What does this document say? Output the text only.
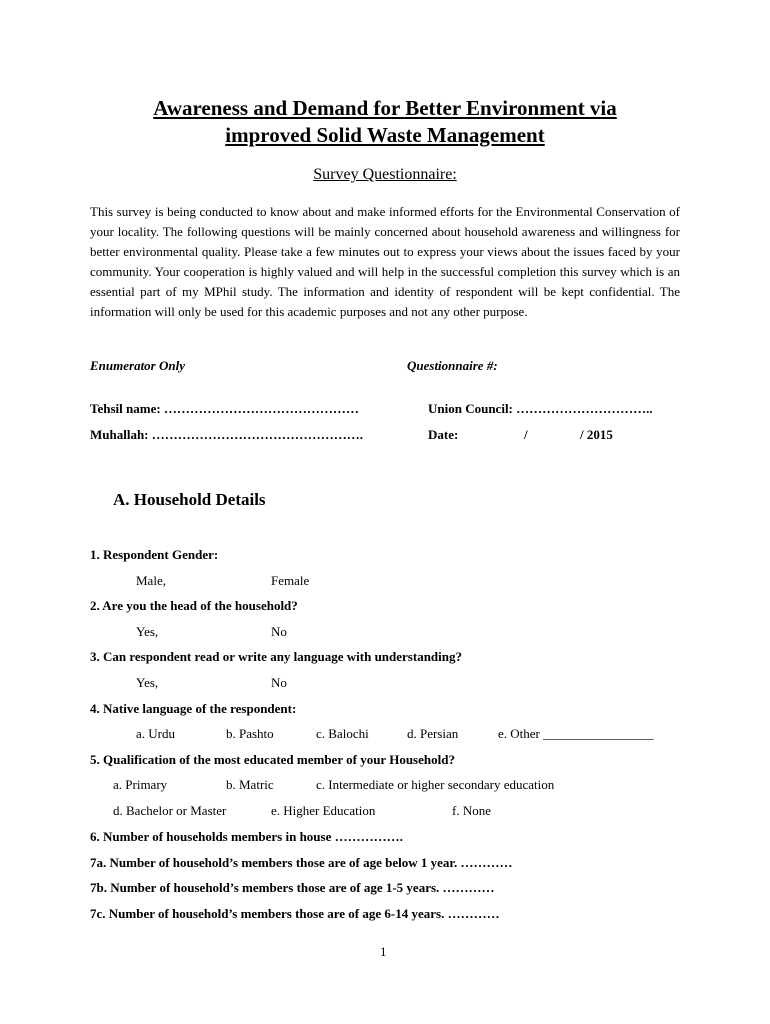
Awareness and Demand for Better Environment via
improved Solid Waste Management
Survey Questionnaire:
This survey is being conducted to know about and make informed efforts for the Environmental Conservation of your locality. The following questions will be mainly concerned about household awareness and willingness for better environmental quality. Please take a few minutes out to express your views about the issues faced by your community. Your cooperation is highly valued and will help in the successful completion this survey which is an essential part of my MPhil study. The information and identity of respondent will be kept confidential. The information will only be used for this academic purposes and not any other purpose.
Enumerator Only	Questionnaire #:
Tehsil name: ………………………………………	Union Council: …………………………..
Muhallah: ………………………………………….	Date:	/	/ 2015
A. Household Details
1. Respondent Gender:
Male,	Female
2. Are you the head of the household?
Yes,	No
3. Can respondent read or write any language with understanding?
Yes,	No
4. Native language of the respondent:
a. Urdu	b. Pashto	c. Balochi	d. Persian	e. Other _________________
5. Qualification of the most educated member of your Household?
a. Primary	b. Matric	c. Intermediate or higher secondary education
d. Bachelor or Master	e. Higher Education	f. None
6. Number of households members in house …………….
7a. Number of household’s members those are of age below 1 year. …………
7b. Number of household’s members those are of age 1-5 years. …………
7c. Number of household’s members those are of age 6-14 years. …………
1
